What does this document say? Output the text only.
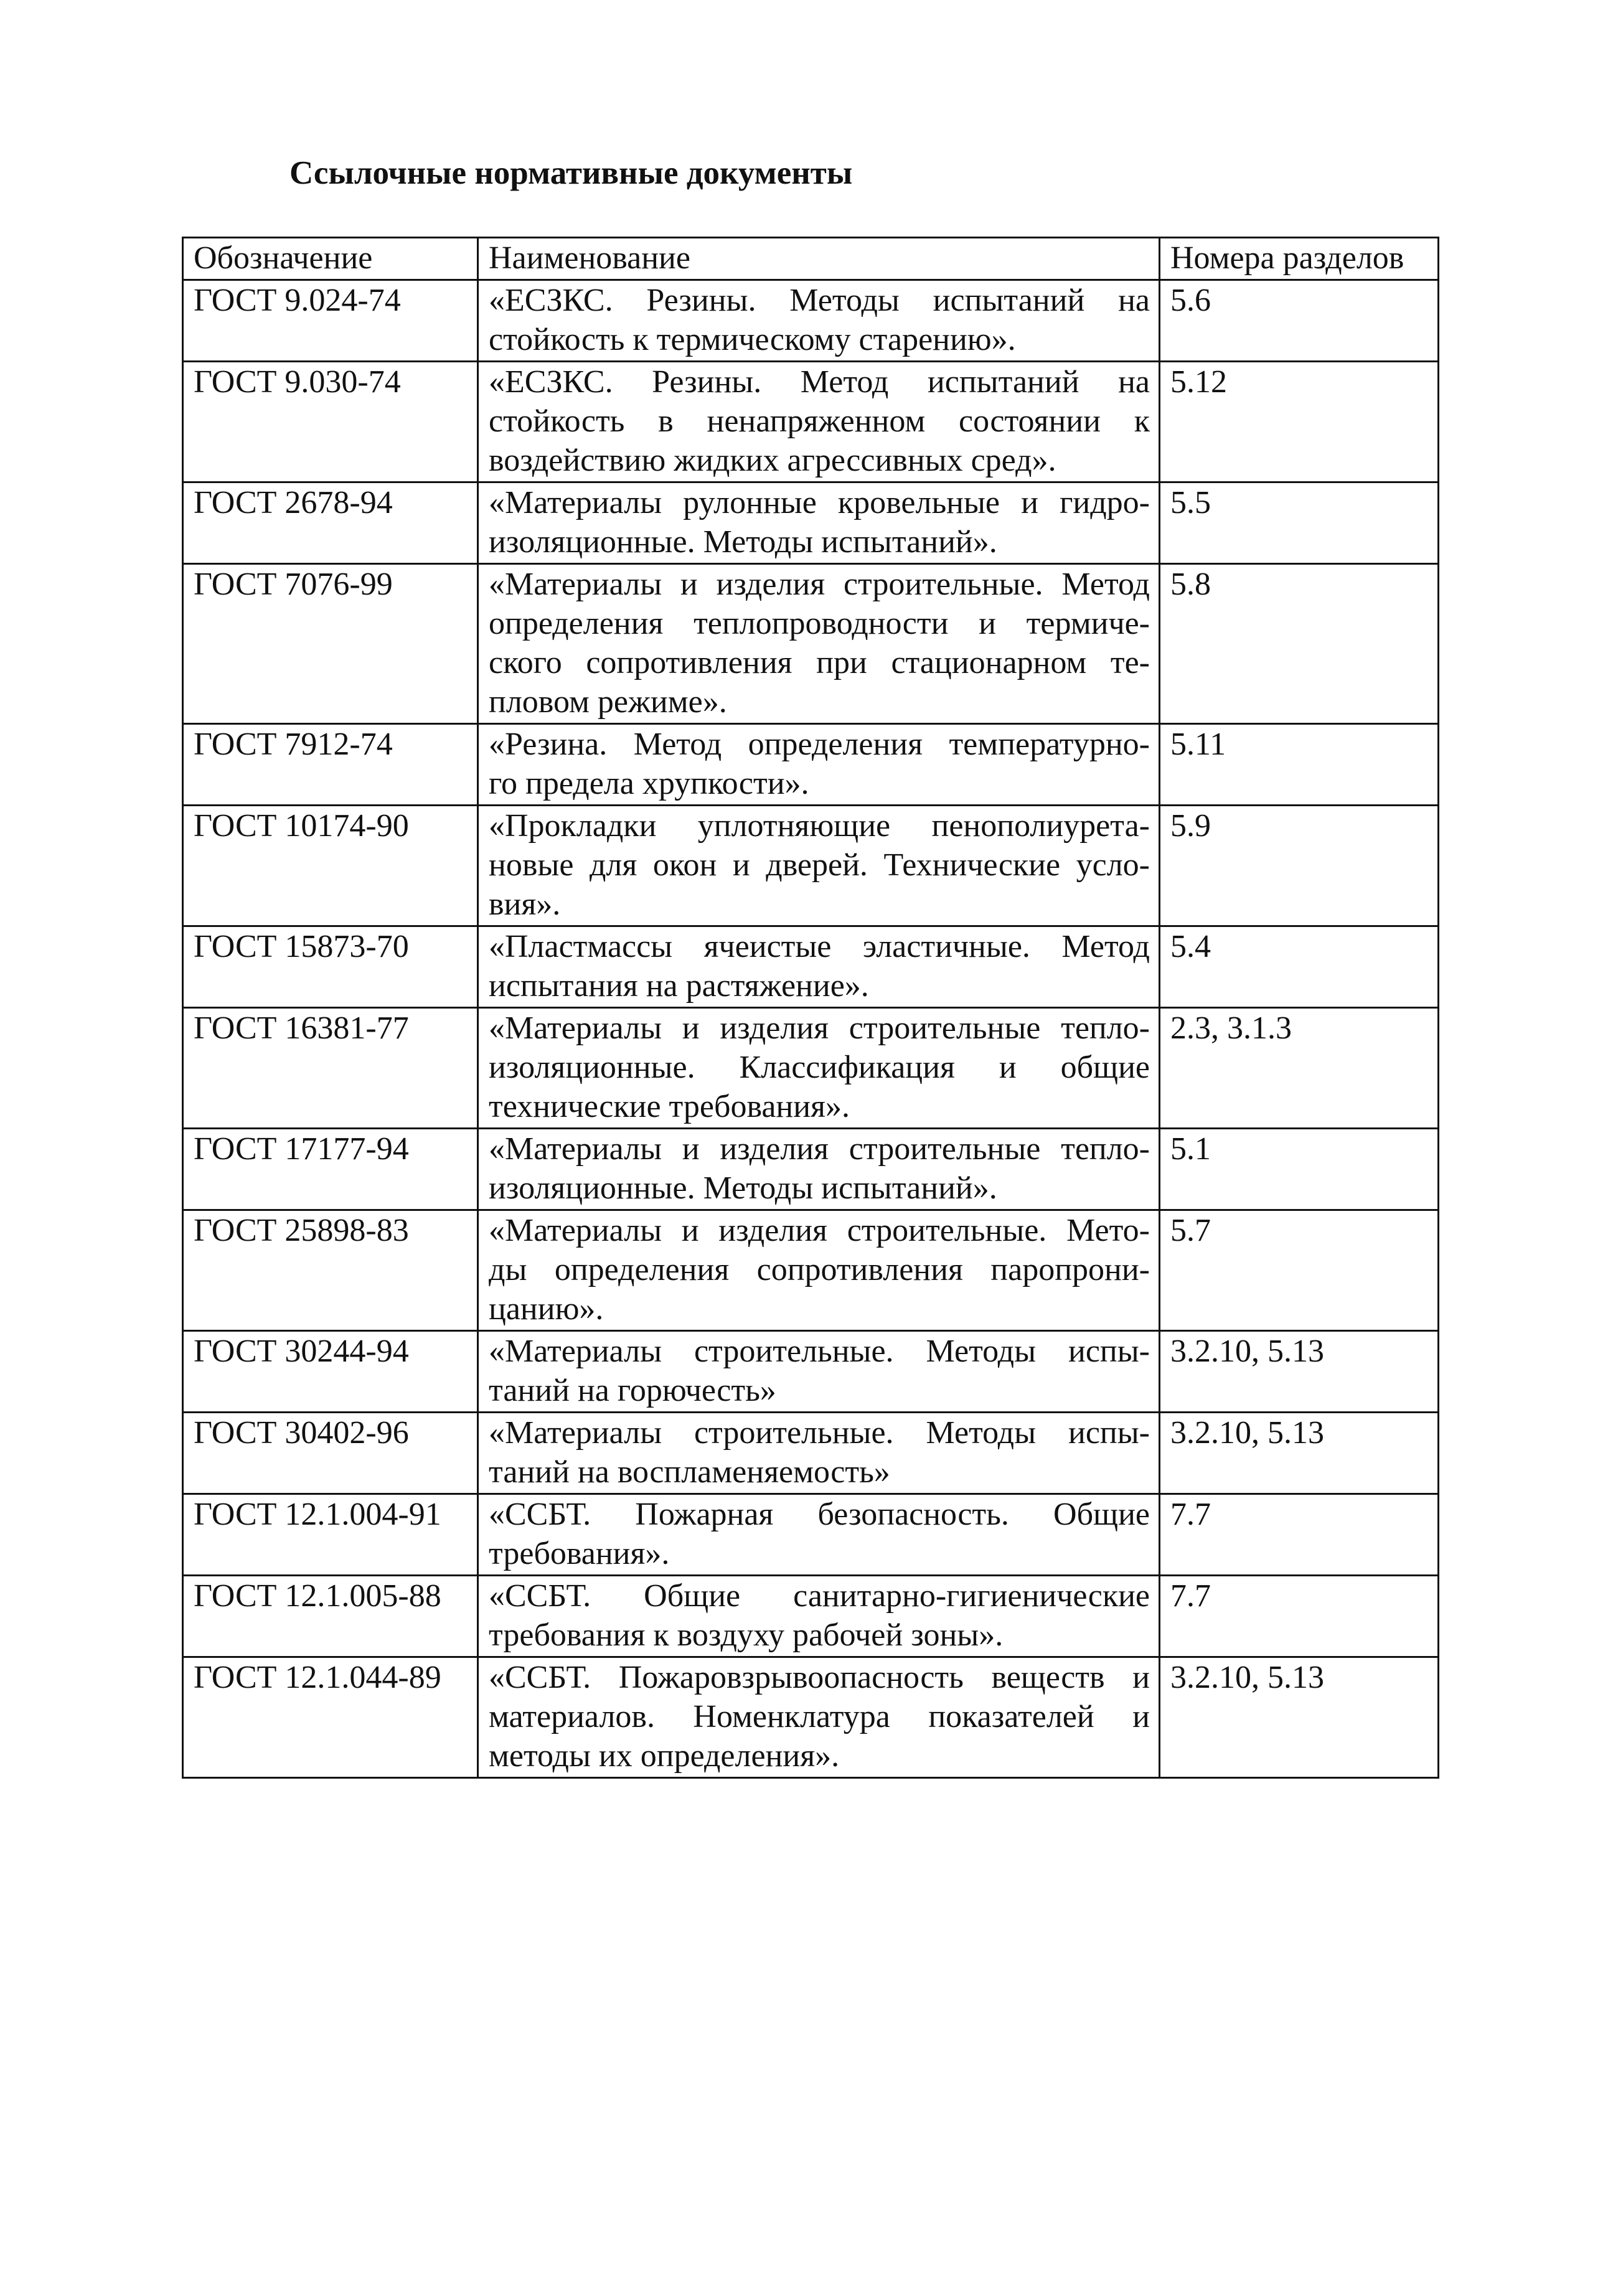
Ссылочные нормативные документы
Обозначение	Наименование	Номера разделов
ГОСТ 9.024-74	«ЕСЗКС. Резины. Методы испытаний на
стойкость к термическому старению».	5.6
ГОСТ 9.030-74	«ЕСЗКС. Резины. Метод испытаний на
стойкость в ненапряженном состоянии к
воздействию жидких агрессивных сред».	5.12
ГОСТ 2678-94	«Материалы рулонные кровельные и гидро-
изоляционные. Методы испытаний».	5.5
ГОСТ 7076-99	«Материалы и изделия строительные. Метод
определения теплопроводности и термиче-
ского сопротивления при стационарном те-
пловом режиме».	5.8
ГОСТ 7912-74	«Резина. Метод определения температурно-
го предела хрупкости».	5.11
ГОСТ 10174-90	«Прокладки уплотняющие пенополиурета-
новые для окон и дверей. Технические усло-
вия».	5.9
ГОСТ 15873-70	«Пластмассы ячеистые эластичные. Метод
испытания на растяжение».	5.4
ГОСТ 16381-77	«Материалы и изделия строительные тепло-
изоляционные. Классификация и общие
технические требования».	2.3, 3.1.3
ГОСТ 17177-94	«Материалы и изделия строительные тепло-
изоляционные. Методы испытаний».	5.1
ГОСТ 25898-83	«Материалы и изделия строительные. Мето-
ды определения сопротивления паропрони-
цанию».	5.7
ГОСТ 30244-94	«Материалы строительные. Методы испы-
таний на горючесть»	3.2.10, 5.13
ГОСТ 30402-96	«Материалы строительные. Методы испы-
таний на воспламеняемость»	3.2.10, 5.13
ГОСТ 12.1.004-91	«ССБТ. Пожарная безопасность. Общие
требования».	7.7
ГОСТ 12.1.005-88	«ССБТ. Общие санитарно-гигиенические
требования к воздуху рабочей зоны».	7.7
ГОСТ 12.1.044-89	«ССБТ. Пожаровзрывоопасность веществ и
материалов. Номенклатура показателей и
методы их определения».	3.2.10, 5.13
